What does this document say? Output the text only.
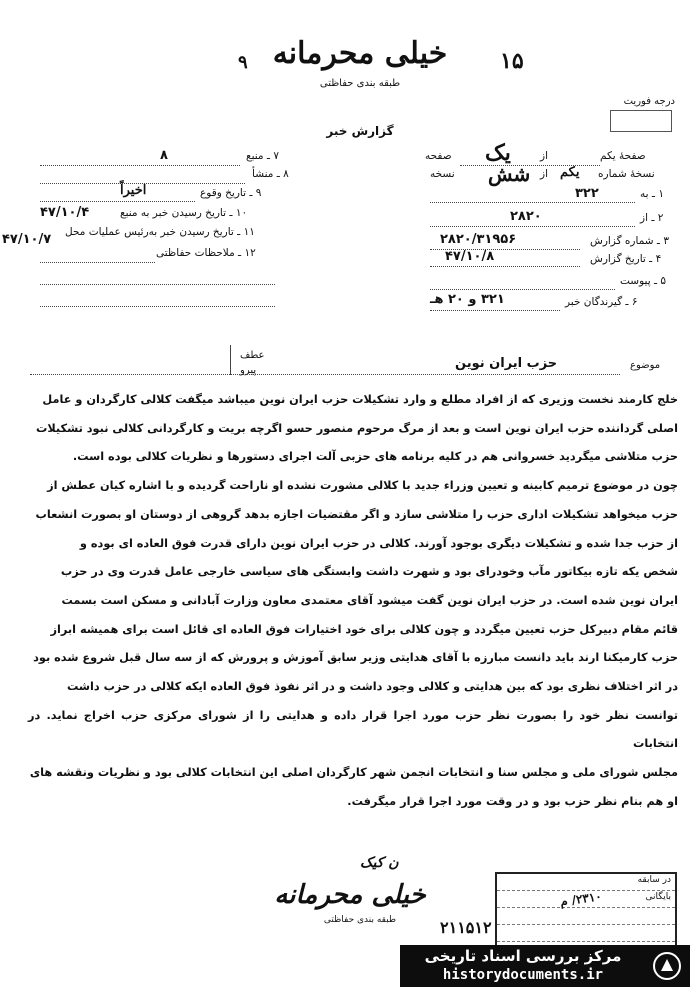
خیلی محرمانه
طبقه بندی حفاظتی
۱۵
۹
درجه فوریت
گزارش خبر
صفحهٔ یکم
از
یک
صفحه
نسخهٔ شماره
یکم
از
شش
نسخه
۱ ـ به
۳۲۲
۲ ـ از
۲۸۲۰
۳ ـ شماره گزارش
۲۸۲۰/۳۱۹۵۶
۴ ـ تاریخ گزارش
۴۷/۱۰/۸
۵ ـ پیوست
۶ ـ گیرندگان خبر
۳۲۱ و ۲۰ هـ
۷ ـ منبع
۸
۸ ـ منشأ
۹ ـ تاریخ وقوع
اخیراً
۱۰ ـ تاریخ رسیدن خبر به منبع
۴۷/۱۰/۴
۱۱ ـ تاریخ رسیدن خبر به‌رئیس عملیات محل
۴۷/۱۰/۷
۱۲ ـ ملاحظات حفاظتی
عطف
پیرو	موضوع
حزب ایران نوین

خلج کارمند نخست وزیری که از افراد مطلع و وارد تشکیلات حزب ایران نوین میباشد میگفت کلالی کارگردان و عامل

اصلی گرداننده حزب ایران نوین است و بعد از مرگ مرحوم منصور حسو اگرچه بریت و کارگردانی کلالی نبود تشکیلات

حزب متلاشی میگردید خسروانی هم در کلیه برنامه های حزبی آلت اجرای دستورها و نظریات کلالی بوده است.

چون در موضوع ترمیم کابینه و تعیین وزراء جدید با کلالی مشورت نشده او ناراحت گردیده و با اشاره کیان عطش از

حزب میخواهد تشکیلات اداری حزب را متلاشی سازد و اگر مقتضیات اجازه بدهد گروهی از دوستان او بصورت انشعاب

از حزب جدا شده و تشکیلات دیگری بوجود آورند. کلالی در حزب ایران نوین دارای قدرت فوق العاده ای بوده و

شخص یکه تازه بیکاتور مآب وخودرای بود و شهرت داشت وابستگی های سیاسی خارجی عامل قدرت وی در حزب

ایران نوین شده است. در حزب ایران نوین گفت میشود آقای معتمدی معاون وزارت آبادانی و مسکن است بسمت

قائم مقام دبیرکل حزب تعیین میگردد و چون کلالی برای خود اختیارات فوق العاده ای قائل است برای همیشه ابراز

حزب کارمیکنا ارند باید دانست مبارزه با آقای هدایتی وزیر سابق آموزش و پرورش که از سه سال قبل شروع شده بود

در اثر اختلاف نظری بود که بین هدایتی و کلالی وجود داشت و در اثر نفوذ فوق العاده ایکه کلالی در حزب داشت

توانست نظر خود را بصورت نظر حزب مورد اجرا قرار داده و هدایتی را از شورای مرکزی حزب اخراج نماید. در انتخابات

مجلس شورای ملی و مجلس سنا و انتخابات انجمن شهر کارگردان اصلی این انتخابات کلالی بود و نظریات ونقشه های

او هم بنام نظر حزب بود و در وقت مورد اجرا قرار میگرفت.

ن کیک
خیلی محرمانه
طبقه بندی حفاظتی	۲۱۱۵۱۲
در سابقه
بایگانی
۲۳۱۰/ م
مرکز بررسی اسناد تاریخی
historydocuments.ir
